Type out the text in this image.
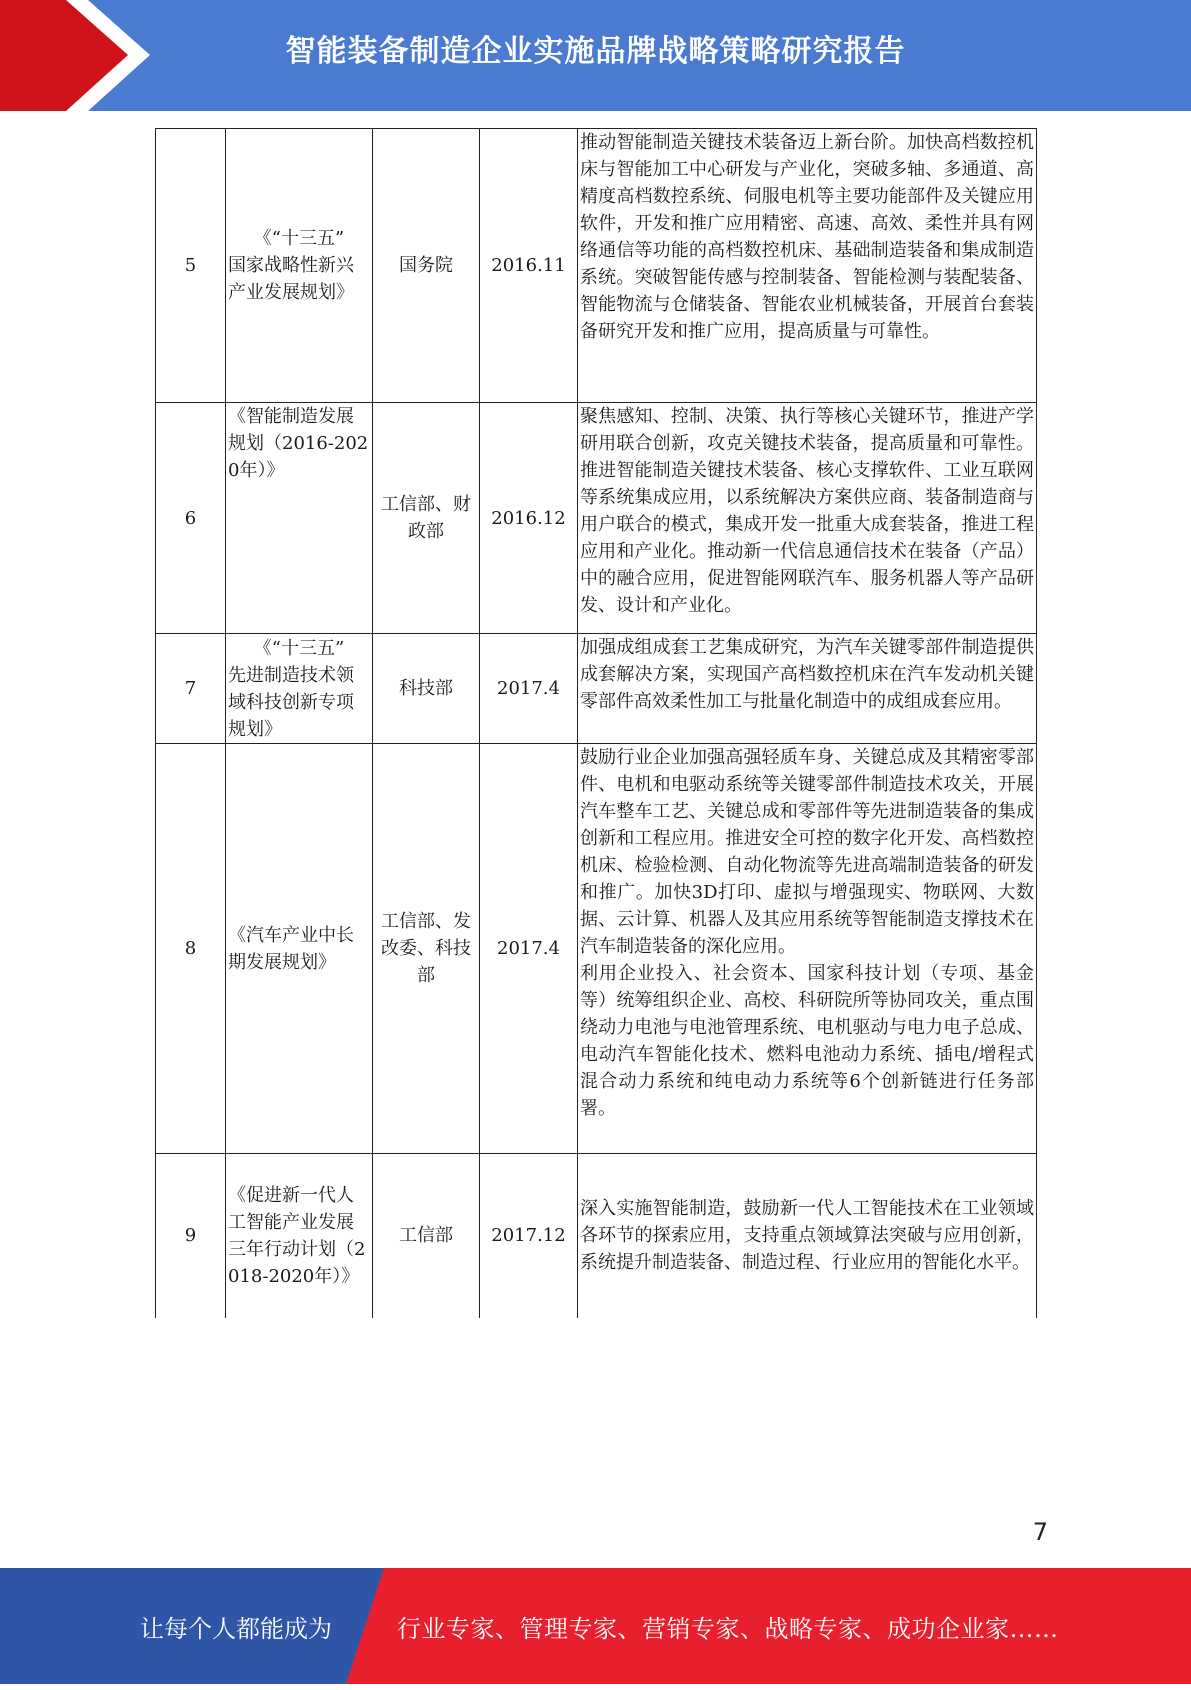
智能装备制造企业实施品牌战略策略研究报告
5	《“十三五”
国家战略性新兴产业发展规划》	国务院	2016.11	推动智能制造关键技术装备迈上新台阶。加快高档数控机床与智能加工中心研发与产业化，突破多轴、多通道、高精度高档数控系统、伺服电机等主要功能部件及关键应用软件，开发和推广应用精密、高速、高效、柔性并具有网络通信等功能的高档数控机床、基础制造装备和集成制造系统。突破智能传感与控制装备、智能检测与装配装备、智能物流与仓储装备、智能农业机械装备，开展首台套装备研究开发和推广应用，提高质量与可靠性。

6	《智能制造发展规划（2016-2020年）》	工信部、财政部	2016.12	聚焦感知、控制、决策、执行等核心关键环节，推进产学研用联合创新，攻克关键技术装备，提高质量和可靠性。推进智能制造关键技术装备、核心支撑软件、工业互联网等系统集成应用，以系统解决方案供应商、装备制造商与用户联合的模式，集成开发一批重大成套装备，推进工程应用和产业化。推动新一代信息通信技术在装备（产品）中的融合应用，促进智能网联汽车、服务机器人等产品研发、设计和产业化。

7	《“十三五”
先进制造技术领域科技创新专项规划》	科技部	2017.4	加强成组成套工艺集成研究，为汽车关键零部件制造提供成套解决方案，实现国产高档数控机床在汽车发动机关键零部件高效柔性加工与批量化制造中的成组成套应用。

8	《汽车产业中长期发展规划》	工信部、发改委、科技部	2017.4	鼓励行业企业加强高强轻质车身、关键总成及其精密零部件、电机和电驱动系统等关键零部件制造技术攻关，开展汽车整车工艺、关键总成和零部件等先进制造装备的集成创新和工程应用。推进安全可控的数字化开发、高档数控机床、检验检测、自动化物流等先进高端制造装备的研发和推广。加快3D打印、虚拟与增强现实、物联网、大数据、云计算、机器人及其应用系统等智能制造支撑技术在汽车制造装备的深化应用。

利用企业投入、社会资本、国家科技计划（专项、基金等）统筹组织企业、高校、科研院所等协同攻关，重点围绕动力电池与电池管理系统、电机驱动与电力电子总成、电动汽车智能化技术、燃料电池动力系统、插电/增程式混合动力系统和纯电动力系统等6个创新链进行任务部署。

9	《促进新一代人工智能产业发展三年行动计划（2018-2020年）》	工信部	2017.12	深入实施智能制造，鼓励新一代人工智能技术在工业领域各环节的探索应用，支持重点领域算法突破与应用创新，系统提升制造装备、制造过程、行业应用的智能化水平。

7
让每个人都能成为	行业专家、管理专家、营销专家、战略专家、成功企业家……
